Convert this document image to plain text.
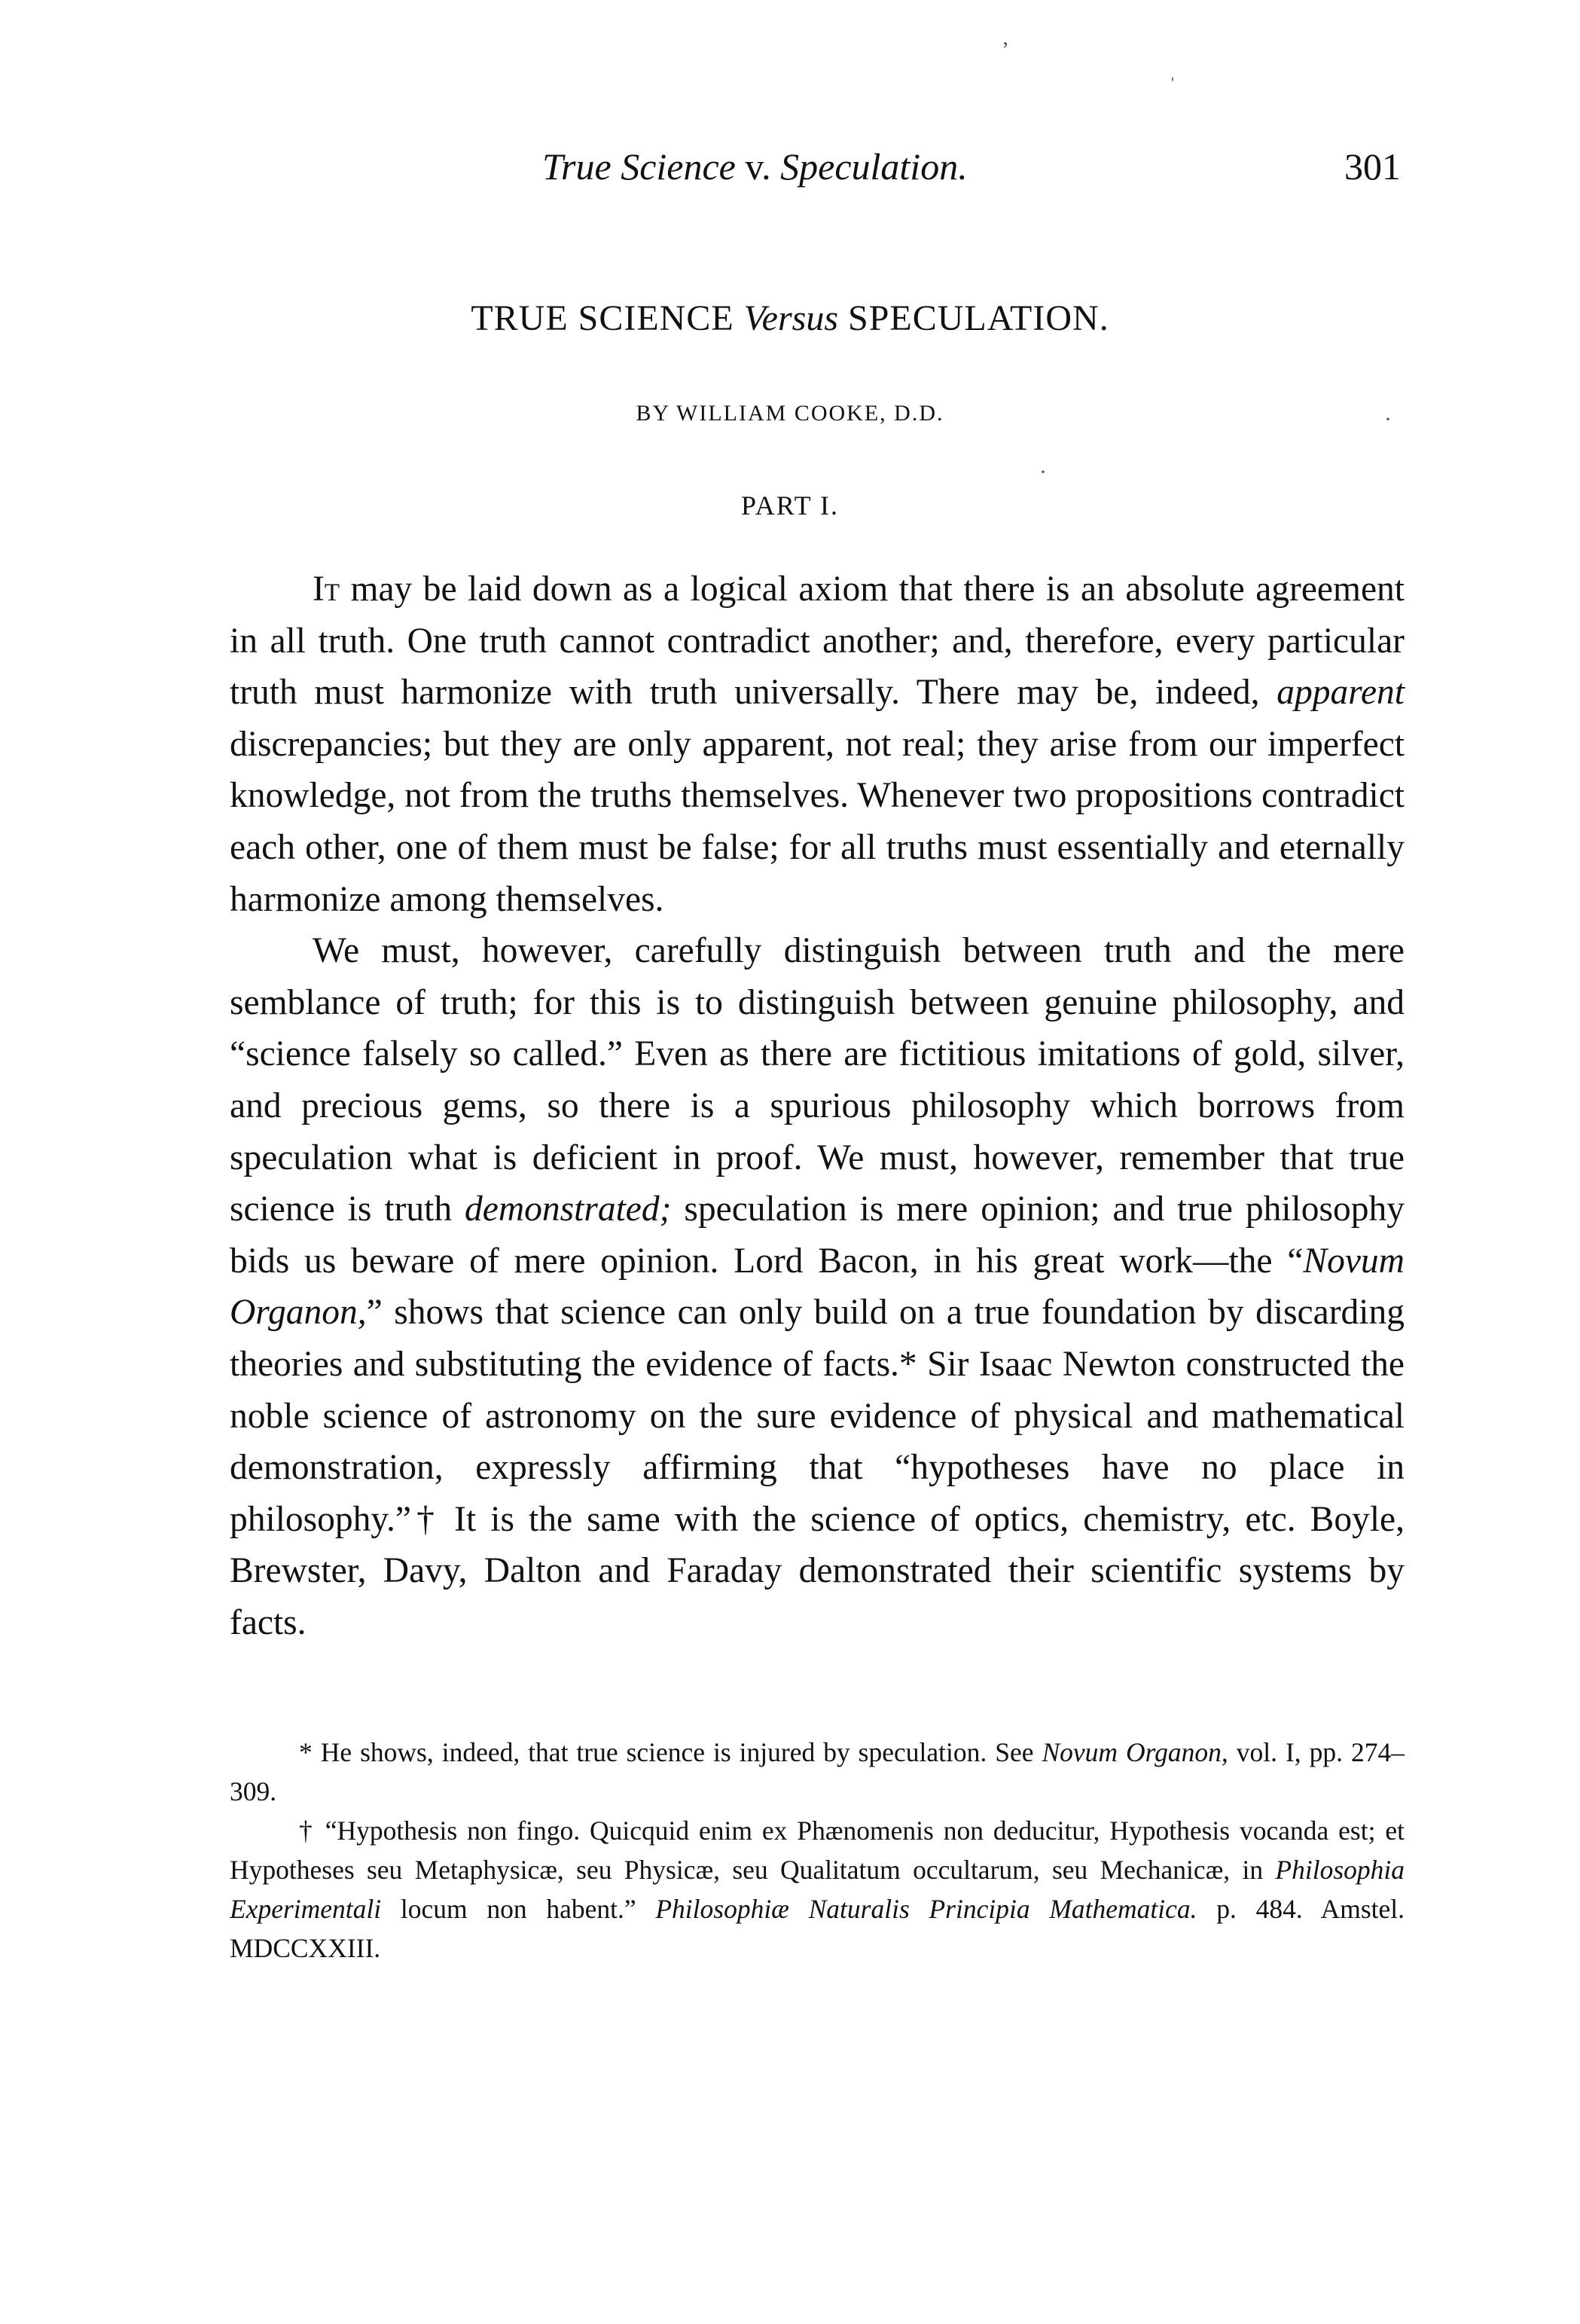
True Science v. Speculation.	301
TRUE SCIENCE Versus SPECULATION.
BY WILLIAM COOKE, D.D.
PART I.

It may be laid down as a logical axiom that there is an absolute agreement in all truth. One truth cannot contradict another; and, therefore, every particular truth must harmonize with truth universally. There may be, indeed, apparent discrepancies; but they are only apparent, not real; they arise from our imperfect knowledge, not from the truths themselves. Whenever two propositions contradict each other, one of them must be false; for all truths must essentially and eternally harmonize among themselves.

We must, however, carefully distinguish between truth and the mere semblance of truth; for this is to distinguish between genuine philosophy, and “science falsely so called.” Even as there are fictitious imitations of gold, silver, and precious gems, so there is a spurious philosophy which borrows from speculation what is deficient in proof. We must, however, remember that true science is truth demonstrated; speculation is mere opinion; and true philosophy bids us beware of mere opinion. Lord Bacon, in his great work—the “Novum Organon,” shows that science can only build on a true foundation by discarding theories and substituting the evidence of facts.* Sir Isaac Newton constructed the noble science of astronomy on the sure evidence of physical and mathematical demonstration, expressly affirming that “hypotheses have no place in philosophy.”† It is the same with the science of optics, chemistry, etc. Boyle, Brewster, Davy, Dalton and Faraday demonstrated their scientific systems by facts.

* He shows, indeed, that true science is injured by speculation. See Novum Organon, vol. I, pp. 274–309.

† “Hypothesis non fingo. Quicquid enim ex Phænomenis non deducitur, Hypothesis vocanda est; et Hypotheses seu Metaphysicæ, seu Physicæ, seu Qualitatum occultarum, seu Mechanicæ, in Philosophia Experimentali locum non habent.” Philosophiæ Naturalis Principia Mathematica. p. 484. Amstel. MDCCXXIII.

ʼ
ˌ
·
·
